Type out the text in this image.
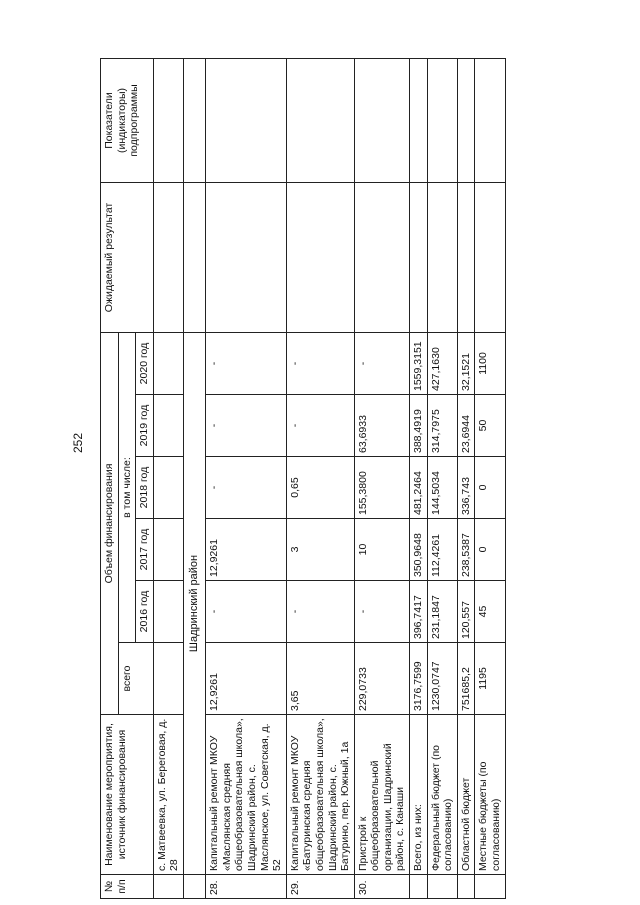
252
№ п/п	Наименование мероприятия, источник финансирования	Объем финансирования						Ожидаемый результат	Показатели (индикаторы) подпрограммы
		всего	в том числе:						
			2016 год	2017 год	2018 год	2019 год	2020 год		
	с. Матвеевка, ул. Береговая, д. 28								
	Шадринский район								
28.	Капитальный ремонт МКОУ «Маслянская средняя общеобразовательная школа», Шадринский район, с. Маслянское, ул. Советская, д. 52	12,9261	-	12,9261	-	-	-		
29.	Капитальный ремонт МКОУ «Батуринская средняя общеобразовательная школа», Шадринский район, с. Батурино, пер. Южный, 1а	3,65	-	3	0,65	-	-		
30.	Пристрой к общеобразовательной организации, Шадринский район, с. Канаши	229,0733	-	10	155,3800	63,6933	-		
	Всего, из них:	3176,7599	396,7417	350,9648	481,2464	388,4919	1559,3151		
	Федеральный бюджет (по согласованию)	1230,0747	231,1847	112,4261	144,5034	314,7975	427,1630		
	Областной бюджет	751685,2	120,557	238,5387	336,743	23,6944	32,1521		
	Местные бюджеты (по согласованию)	1195	45	0	0	50	1100		
